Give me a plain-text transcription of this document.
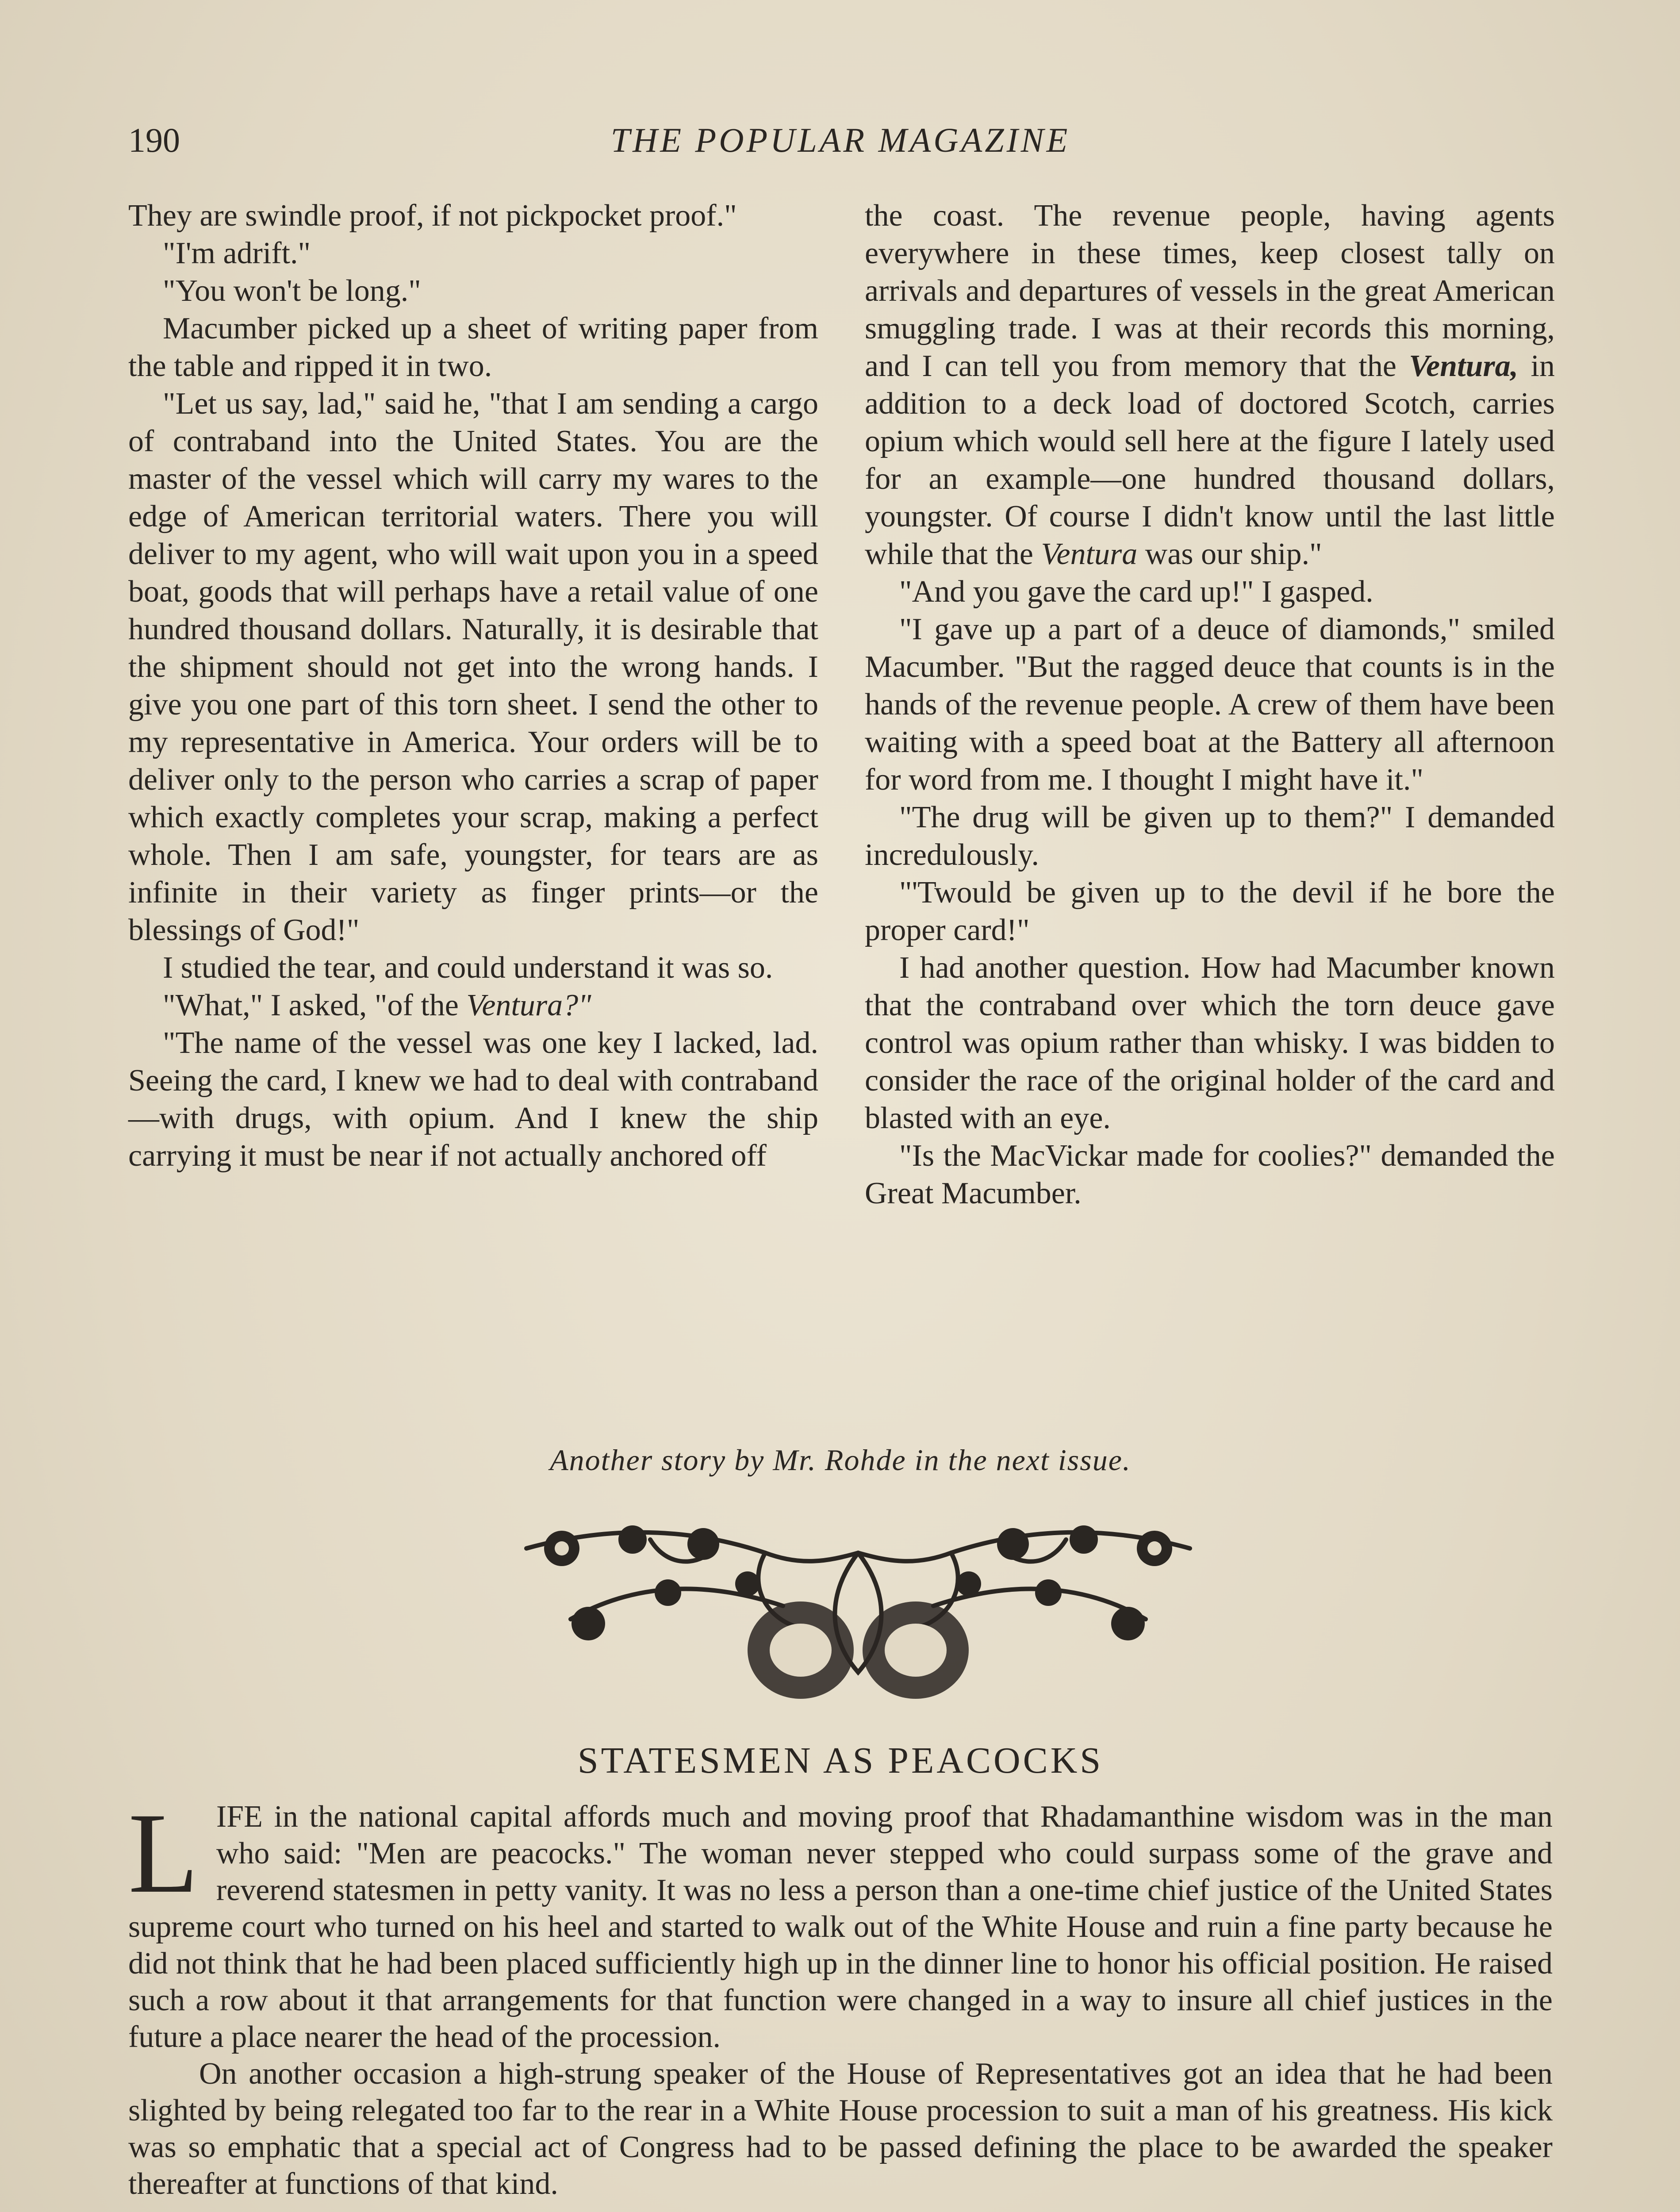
190	THE POPULAR MAGAZINE

They are swindle proof, if not pickpocket proof."

"I'm adrift."

"You won't be long."

Macumber picked up a sheet of writing paper from the table and ripped it in two.

"Let us say, lad," said he, "that I am sending a cargo of contraband into the United States. You are the master of the vessel which will carry my wares to the edge of American territorial waters. There you will deliver to my agent, who will wait upon you in a speed boat, goods that will perhaps have a retail value of one hundred thousand dollars. Naturally, it is desirable that the shipment should not get into the wrong hands. I give you one part of this torn sheet. I send the other to my representative in America. Your orders will be to deliver only to the person who carries a scrap of paper which exactly completes your scrap, making a perfect whole. Then I am safe, youngster, for tears are as infinite in their variety as finger prints—or the blessings of God!"

I studied the tear, and could understand it was so.

"What," I asked, "of the Ventura?"

"The name of the vessel was one key I lacked, lad. Seeing the card, I knew we had to deal with contraband—with drugs, with opium. And I knew the ship carrying it must be near if not actually anchored off

the coast. The revenue people, having agents everywhere in these times, keep closest tally on arrivals and departures of vessels in the great American smuggling trade. I was at their records this morning, and I can tell you from memory that the Ventura, in addition to a deck load of doctored Scotch, carries opium which would sell here at the figure I lately used for an example—one hundred thousand dollars, youngster. Of course I didn't know until the last little while that the Ventura was our ship."

"And you gave the card up!" I gasped.

"I gave up a part of a deuce of diamonds," smiled Macumber. "But the ragged deuce that counts is in the hands of the revenue people. A crew of them have been waiting with a speed boat at the Battery all afternoon for word from me. I thought I might have it."

"The drug will be given up to them?" I demanded incredulously.

"'Twould be given up to the devil if he bore the proper card!"

I had another question. How had Macumber known that the contraband over which the torn deuce gave control was opium rather than whisky. I was bidden to consider the race of the original holder of the card and blasted with an eye.

"Is the MacVickar made for coolies?" demanded the Great Macumber.

Another story by Mr. Rohde in the next issue.
STATESMEN AS PEACOCKS

LIFE in the national capital affords much and moving proof that Rhadamanthine wisdom was in the man who said: "Men are peacocks." The woman never stepped who could surpass some of the grave and reverend statesmen in petty vanity. It was no less a person than a one-time chief justice of the United States supreme court who turned on his heel and started to walk out of the White House and ruin a fine party because he did not think that he had been placed sufficiently high up in the dinner line to honor his official position. He raised such a row about it that arrangements for that function were changed in a way to insure all chief justices in the future a place nearer the head of the procession.

On another occasion a high-strung speaker of the House of Representatives got an idea that he had been slighted by being relegated too far to the rear in a White House procession to suit a man of his greatness. His kick was so emphatic that a special act of Congress had to be passed defining the place to be awarded the speaker thereafter at functions of that kind.
